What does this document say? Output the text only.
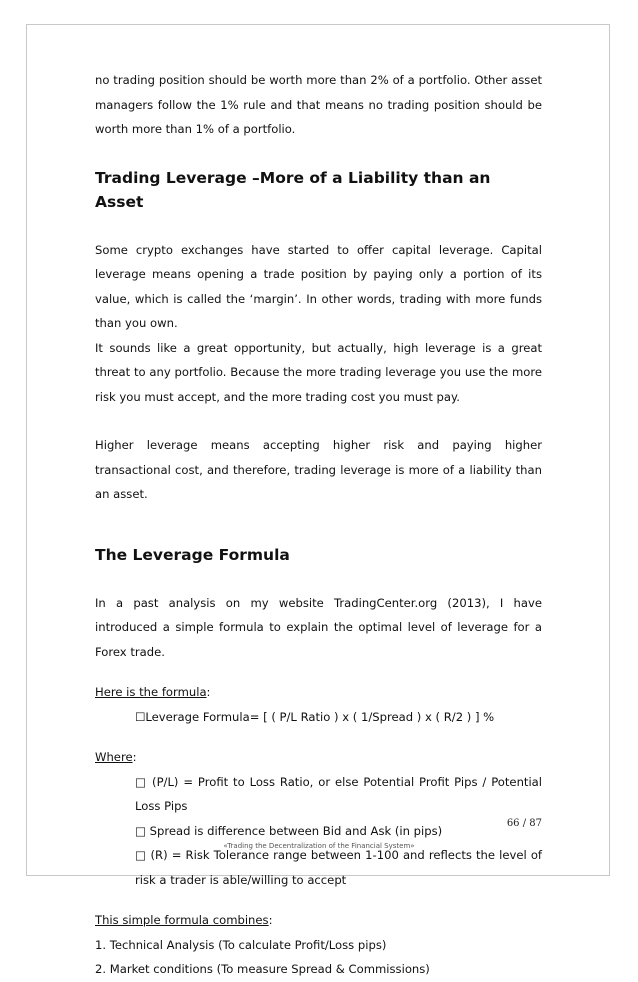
no trading position should be worth more than 2% of a portfolio. Other asset managers follow the 1% rule and that means no trading position should be worth more than 1% of a portfolio.

Trading Leverage –More of a Liability than an Asset

Some crypto exchanges have started to offer capital leverage. Capital leverage means opening a trade position by paying only a portion of its value, which is called the ‘margin’. In other words, trading with more funds than you own.

It sounds like a great opportunity, but actually, high leverage is a great threat to any portfolio. Because the more trading leverage you use the more risk you must accept, and the more trading cost you must pay.

Higher leverage means accepting higher risk and paying higher transactional cost, and therefore, trading leverage is more of a liability than an asset.

The Leverage Formula

In a past analysis on my website TradingCenter.org (2013), I have introduced a simple formula to explain the optimal level of leverage for a Forex trade.

Here is the formula:

☐Leverage Formula= [ ( P/L Ratio ) x ( 1/Spread ) x ( R/2 ) ] %

Where:

□ (P/L) = Profit to Loss Ratio, or else Potential Profit Pips / Potential Loss Pips
□ Spread is difference between Bid and Ask (in pips)
□ (R) = Risk Tolerance range between 1-100 and reflects the level of risk a trader is able/willing to accept

This simple formula combines:

1. Technical Analysis (To calculate Profit/Loss pips)

2. Market conditions (To measure Spread & Commissions)

66 / 87
«Trading the Decentralization of the Financial System»
